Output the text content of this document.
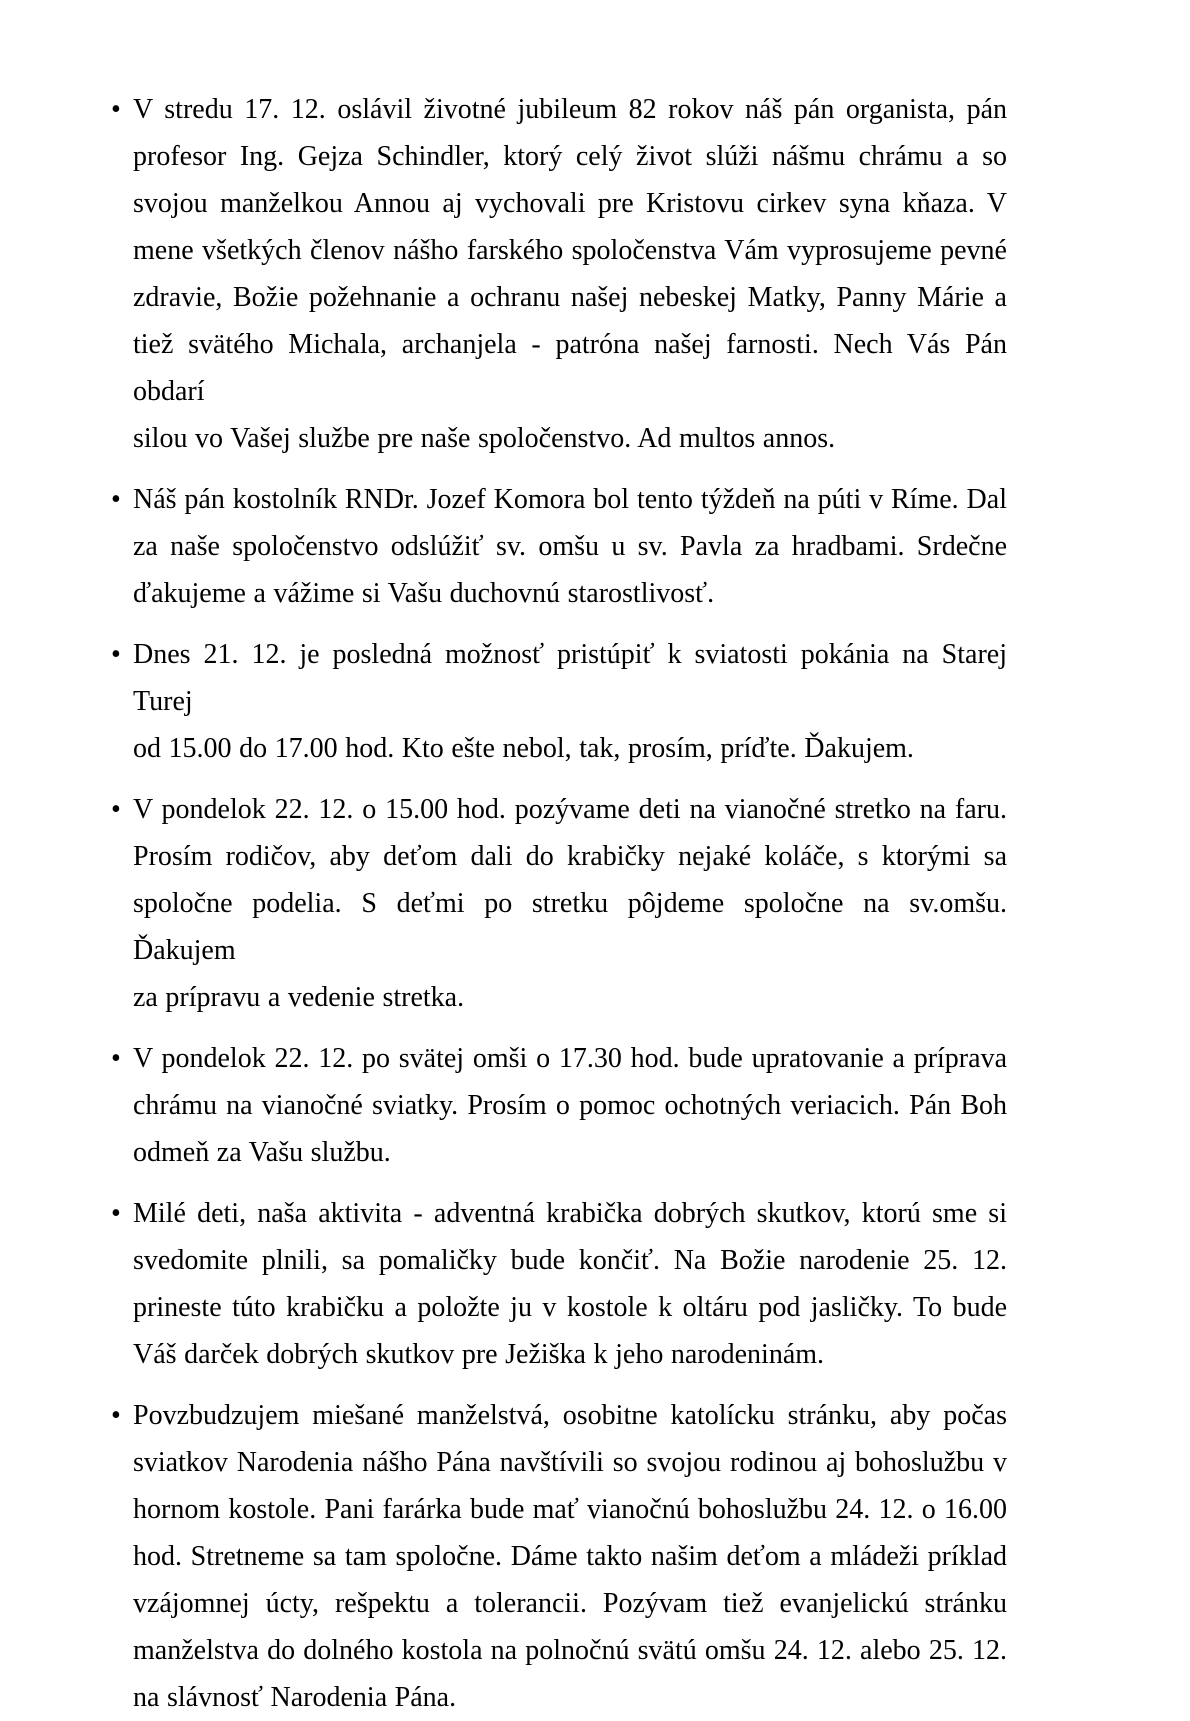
• V stredu 17. 12. oslávil životné jubileum 82 rokov náš pán organista, pán
profesor Ing. Gejza Schindler, ktorý celý život slúži nášmu chrámu a so
svojou manželkou Annou aj vychovali pre Kristovu cirkev syna kňaza. V
mene všetkých členov nášho farského spoločenstva Vám vyprosujeme pevné
zdravie, Božie požehnanie a ochranu našej nebeskej Matky, Panny Márie a
tiež svätého Michala, archanjela - patróna našej farnosti. Nech Vás Pán obdarí
silou vo Vašej službe pre naše spoločenstvo. Ad multos annos.
• Náš pán kostolník RNDr. Jozef Komora bol tento týždeň na púti v Ríme. Dal
za naše spoločenstvo odslúžiť sv. omšu u sv. Pavla za hradbami. Srdečne
ďakujeme a vážime si Vašu duchovnú starostlivosť.
• Dnes 21. 12. je posledná možnosť pristúpiť k sviatosti pokánia na Starej Turej
od 15.00 do 17.00 hod. Kto ešte nebol, tak, prosím, príďte. Ďakujem.
• V pondelok 22. 12. o 15.00 hod. pozývame deti na vianočné stretko na faru.
Prosím rodičov, aby deťom dali do krabičky nejaké koláče, s ktorými sa
spoločne podelia. S deťmi po stretku pôjdeme spoločne na sv.omšu. Ďakujem
za prípravu a vedenie stretka.
• V pondelok 22. 12. po svätej omši o 17.30 hod. bude upratovanie a príprava
chrámu na vianočné sviatky. Prosím o pomoc ochotných veriacich. Pán Boh
odmeň za Vašu službu.
• Milé deti, naša aktivita - adventná krabička dobrých skutkov, ktorú sme si
svedomite plnili, sa pomaličky bude končiť. Na Božie narodenie 25. 12.
prineste túto krabičku a položte ju v kostole k oltáru pod jasličky. To bude
Váš darček dobrých skutkov pre Ježiška k jeho narodeninám.
• Povzbudzujem miešané manželstvá, osobitne katolícku stránku, aby počas
sviatkov Narodenia nášho Pána navštívili so svojou rodinou aj bohoslužbu v
hornom kostole. Pani farárka bude mať vianočnú bohoslužbu 24. 12. o 16.00
hod. Stretneme sa tam spoločne. Dáme takto našim deťom a mládeži príklad
vzájomnej úcty, rešpektu a tolerancii. Pozývam tiež evanjelickú stránku
manželstva do dolného kostola na polnočnú svätú omšu 24. 12. alebo 25. 12.
na slávnosť Narodenia Pána.
